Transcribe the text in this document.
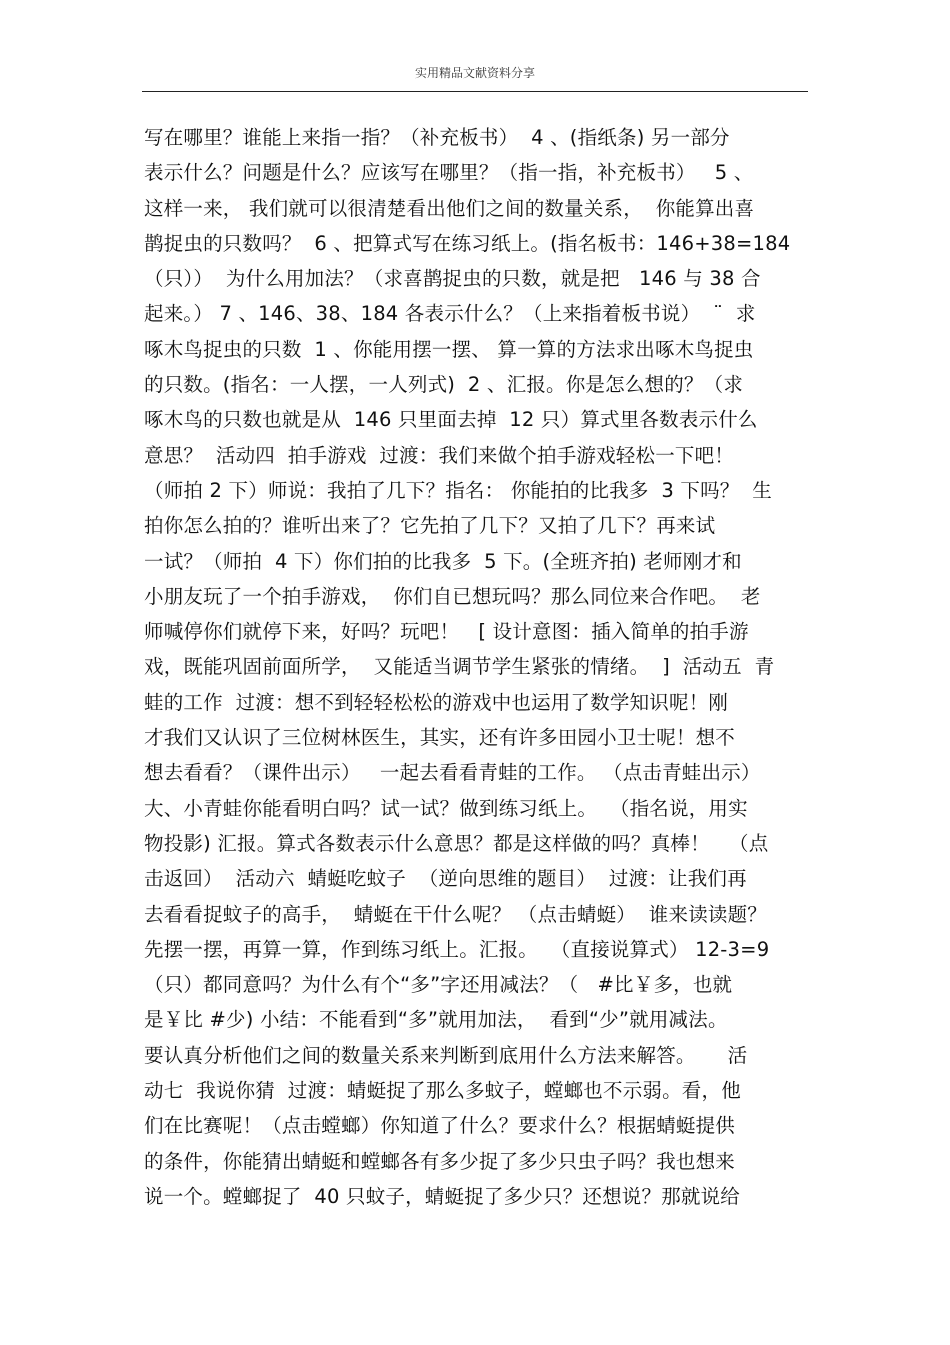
实用精品文献资料分享
写在哪里？谁能上来指一指？（补充板书）  4 、(指纸条) 另一部分
表示什么？问题是什么？应该写在哪里？（指一指，补充板书）   5 、
这样一来， 我们就可以很清楚看出他们之间的数量关系，  你能算出喜
鹊捉虫的只数吗？  6 、把算式写在练习纸上。(指名板书：146+38=184
（只））  为什么用加法？（求喜鹊捉虫的只数，就是把   146 与 38 合
起来。） 7 、146、38、184 各表示什么？（上来指着板书说）  ¨  求
啄木鸟捉虫的只数  1 、你能用摆一摆、 算一算的方法求出啄木鸟捉虫
的只数。(指名：一人摆，一人列式)  2 、汇报。你是怎么想的？（求
啄木鸟的只数也就是从  146 只里面去掉  12 只）算式里各数表示什么
意思？  活动四  拍手游戏  过渡：我们来做个拍手游戏轻松一下吧！
（师拍 2 下）师说：我拍了几下？指名： 你能拍的比我多  3 下吗？  生
拍你怎么拍的？谁听出来了？它先拍了几下？又拍了几下？再来试
一试？（师拍  4 下）你们拍的比我多  5 下。(全班齐拍) 老师刚才和
小朋友玩了一个拍手游戏，  你们自已想玩吗？那么同位来合作吧。  老
师喊停你们就停下来，好吗？玩吧！   [ 设计意图：插入简单的拍手游
戏，既能巩固前面所学，  又能适当调节学生紧张的情绪。  ]  活动五  青
蛙的工作  过渡：想不到轻轻松松的游戏中也运用了数学知识呢！刚
才我们又认识了三位树林医生，其实，还有许多田园小卫士呢！想不
想去看看？（课件出示）   一起去看看青蛙的工作。 （点击青蛙出示）
大、小青蛙你能看明白吗？试一试？做到练习纸上。  （指名说，用实
物投影) 汇报。算式各数表示什么意思？都是这样做的吗？真棒！   （点
击返回）  活动六  蜻蜓吃蚊子  （逆向思维的题目）  过渡：让我们再
去看看捉蚊子的高手，  蜻蜓在干什么呢？ （点击蜻蜓）  谁来读读题？
先摆一摆，再算一算，作到练习纸上。汇报。  （直接说算式） 12-3=9
（只）都同意吗？为什么有个“多”字还用减法？（   #比￥多，也就
是￥比 #少) 小结：不能看到“多”就用加法，  看到“少”就用减法。
要认真分析他们之间的数量关系来判断到底用什么方法来解答。     活
动七  我说你猜  过渡：蜻蜓捉了那么多蚊子，螳螂也不示弱。看，他
们在比赛呢！（点击螳螂）你知道了什么？要求什么？根据蜻蜓提供
的条件，你能猜出蜻蜓和螳螂各有多少捉了多少只虫子吗？我也想来
说一个。螳螂捉了  40 只蚊子，蜻蜓捉了多少只？还想说？那就说给
